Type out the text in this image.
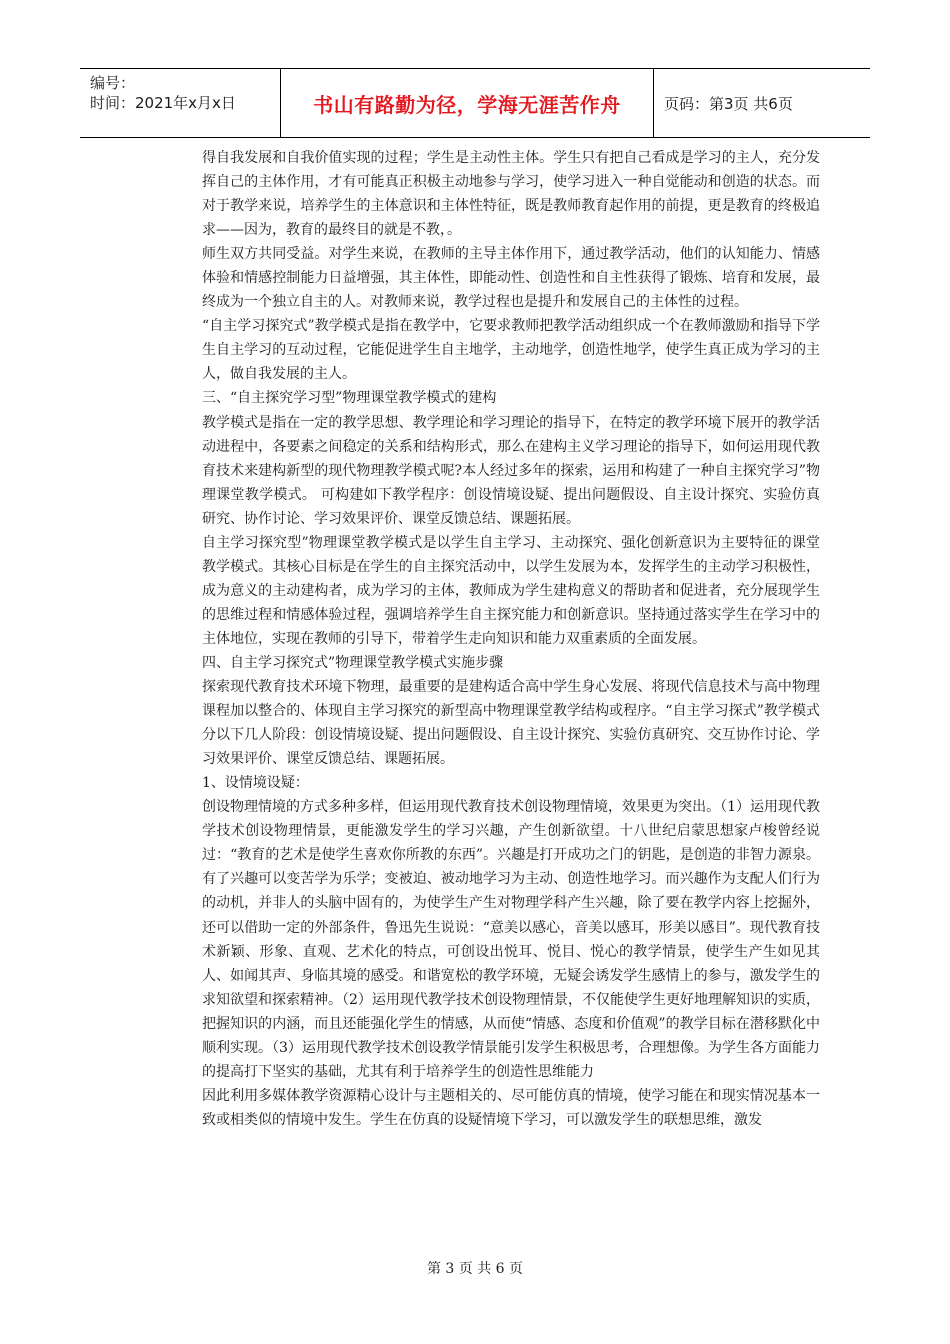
编号：
时间：2021年x月x日	书山有路勤为径，学海无涯苦作舟	页码：第3页 共6页

得自我发展和自我价值实现的过程；学生是主动性主体。学生只有把自己看成是学习的主人，充分发挥自己的主体作用，才有可能真正积极主动地参与学习，使学习进入一种自觉能动和创造的状态。而对于教学来说，培养学生的主体意识和主体性特征，既是教师教育起作用的前提，更是教育的终极追求——因为，教育的最终目的就是不教，。

师生双方共同受益。对学生来说，在教师的主导主体作用下，通过教学活动，他们的认知能力、情感体验和情感控制能力日益增强，其主体性，即能动性、创造性和自主性获得了锻炼、培育和发展，最终成为一个独立自主的人。对教师来说，教学过程也是提升和发展自己的主体性的过程。

“自主学习探究式”教学模式是指在教学中，它要求教师把教学活动组织成一个在教师激励和指导下学生自主学习的互动过程，它能促进学生自主地学，主动地学，创造性地学，使学生真正成为学习的主人，做自我发展的主人。

三、“自主探究学习型”物理课堂教学模式的建构

教学模式是指在一定的教学思想、教学理论和学习理论的指导下，在特定的教学环境下展开的教学活动进程中，各要素之间稳定的关系和结构形式，那么在建构主义学习理论的指导下，如何运用现代教育技术来建构新型的现代物理教学模式呢?本人经过多年的探索，运用和构建了一种自主探究学习”物理课堂教学模式。 可构建如下教学程序：创设情境设疑、提出问题假设、自主设计探究、实验仿真研究、协作讨论、学习效果评价、课堂反馈总结、课题拓展。

自主学习探究型”物理课堂教学模式是以学生自主学习、主动探究、强化创新意识为主要特征的课堂教学模式。其核心目标是在学生的自主探究活动中，以学生发展为本，发挥学生的主动学习积极性，成为意义的主动建构者，成为学习的主体，教师成为学生建构意义的帮助者和促进者，充分展现学生的思维过程和情感体验过程，强调培养学生自主探究能力和创新意识。坚持通过落实学生在学习中的主体地位，实现在教师的引导下，带着学生走向知识和能力双重素质的全面发展。

四、自主学习探究式”物理课堂教学模式实施步骤

探索现代教育技术环境下物理，最重要的是建构适合高中学生身心发展、将现代信息技术与高中物理课程加以整合的、体现自主学习探究的新型高中物理课堂教学结构或程序。“自主学习探式”教学模式分以下几人阶段：创设情境设疑、提出问题假设、自主设计探究、实验仿真研究、交互协作讨论、学习效果评价、课堂反馈总结、课题拓展。

1、设情境设疑：

创设物理情境的方式多种多样，但运用现代教育技术创设物理情境，效果更为突出。（1）运用现代教学技术创设物理情景，更能激发学生的学习兴趣，产生创新欲望。十八世纪启蒙思想家卢梭曾经说过：“教育的艺术是使学生喜欢你所教的东西”。兴趣是打开成功之门的钥匙，是创造的非智力源泉。有了兴趣可以变苦学为乐学；变被迫、被动地学习为主动、创造性地学习。而兴趣作为支配人们行为的动机，并非人的头脑中固有的，为使学生产生对物理学科产生兴趣，除了要在教学内容上挖掘外，还可以借助一定的外部条件，鲁迅先生说说：“意美以感心，音美以感耳，形美以感目”。现代教育技术新颖、形象、直观、艺术化的特点，可创设出悦耳、悦目、悦心的教学情景，使学生产生如见其人、如闻其声、身临其境的感受。和谐宽松的教学环境，无疑会诱发学生感情上的参与，激发学生的求知欲望和探索精神。（2）运用现代教学技术创设物理情景，不仅能使学生更好地理解知识的实质，把握知识的内涵，而且还能强化学生的情感，从而使“情感、态度和价值观”的教学目标在潜移默化中顺利实现。（3）运用现代教学技术创设教学情景能引发学生积极思考，合理想像。为学生各方面能力的提高打下坚实的基础，尤其有利于培养学生的创造性思维能力

因此利用多媒体教学资源精心设计与主题相关的、尽可能仿真的情境，使学习能在和现实情况基本一致或相类似的情境中发生。学生在仿真的设疑情境下学习，可以激发学生的联想思维，激发

第 3 页 共 6 页
